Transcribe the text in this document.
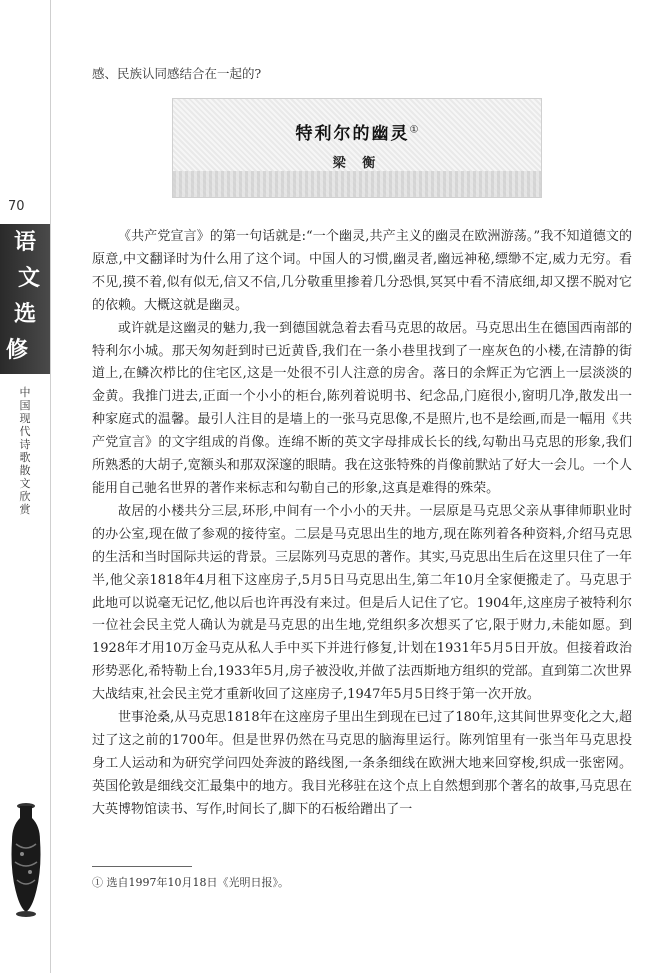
70
语
文
选
修
中国现代诗歌散文欣赏
感、民族认同感结合在一起的?
特利尔的幽灵①
梁 衡

《共产党宣言》的第一句话就是:“一个幽灵,共产主义的幽灵在欧洲游荡。”我不知道德文的原意,中文翻译时为什么用了这个词。中国人的习惯,幽灵者,幽远神秘,缥缈不定,威力无穷。看不见,摸不着,似有似无,信又不信,几分敬重里掺着几分恐惧,冥冥中看不清底细,却又摆不脱对它的依赖。大概这就是幽灵。

或许就是这幽灵的魅力,我一到德国就急着去看马克思的故居。马克思出生在德国西南部的特利尔小城。那天匆匆赶到时已近黄昏,我们在一条小巷里找到了一座灰色的小楼,在清静的街道上,在鳞次栉比的住宅区,这是一处很不引人注意的房舍。落日的余辉正为它洒上一层淡淡的金黄。我推门进去,正面一个小小的柜台,陈列着说明书、纪念品,门庭很小,窗明几净,散发出一种家庭式的温馨。最引人注目的是墙上的一张马克思像,不是照片,也不是绘画,而是一幅用《共产党宣言》的文字组成的肖像。连绵不断的英文字母排成长长的线,勾勒出马克思的形象,我们所熟悉的大胡子,宽额头和那双深邃的眼睛。我在这张特殊的肖像前默站了好大一会儿。一个人能用自己驰名世界的著作来标志和勾勒自己的形象,这真是难得的殊荣。

故居的小楼共分三层,环形,中间有一个小小的天井。一层原是马克思父亲从事律师职业时的办公室,现在做了参观的接待室。二层是马克思出生的地方,现在陈列着各种资料,介绍马克思的生活和当时国际共运的背景。三层陈列马克思的著作。其实,马克思出生后在这里只住了一年半,他父亲1818年4月租下这座房子,5月5日马克思出生,第二年10月全家便搬走了。马克思于此地可以说毫无记忆,他以后也许再没有来过。但是后人记住了它。1904年,这座房子被特利尔一位社会民主党人确认为就是马克思的出生地,党组织多次想买了它,限于财力,未能如愿。到1928年才用10万金马克从私人手中买下并进行修复,计划在1931年5月5日开放。但接着政治形势恶化,希特勒上台,1933年5月,房子被没收,并做了法西斯地方组织的党部。直到第二次世界大战结束,社会民主党才重新收回了这座房子,1947年5月5日终于第一次开放。

世事沧桑,从马克思1818年在这座房子里出生到现在已过了180年,这其间世界变化之大,超过了这之前的1700年。但是世界仍然在马克思的脑海里运行。陈列馆里有一张当年马克思投身工人运动和为研究学问四处奔波的路线图,一条条细线在欧洲大地来回穿梭,织成一张密网。英国伦敦是细线交汇最集中的地方。我目光移驻在这个点上自然想到那个著名的故事,马克思在大英博物馆读书、写作,时间长了,脚下的石板给蹭出了一

① 选自1997年10月18日《光明日报》。
